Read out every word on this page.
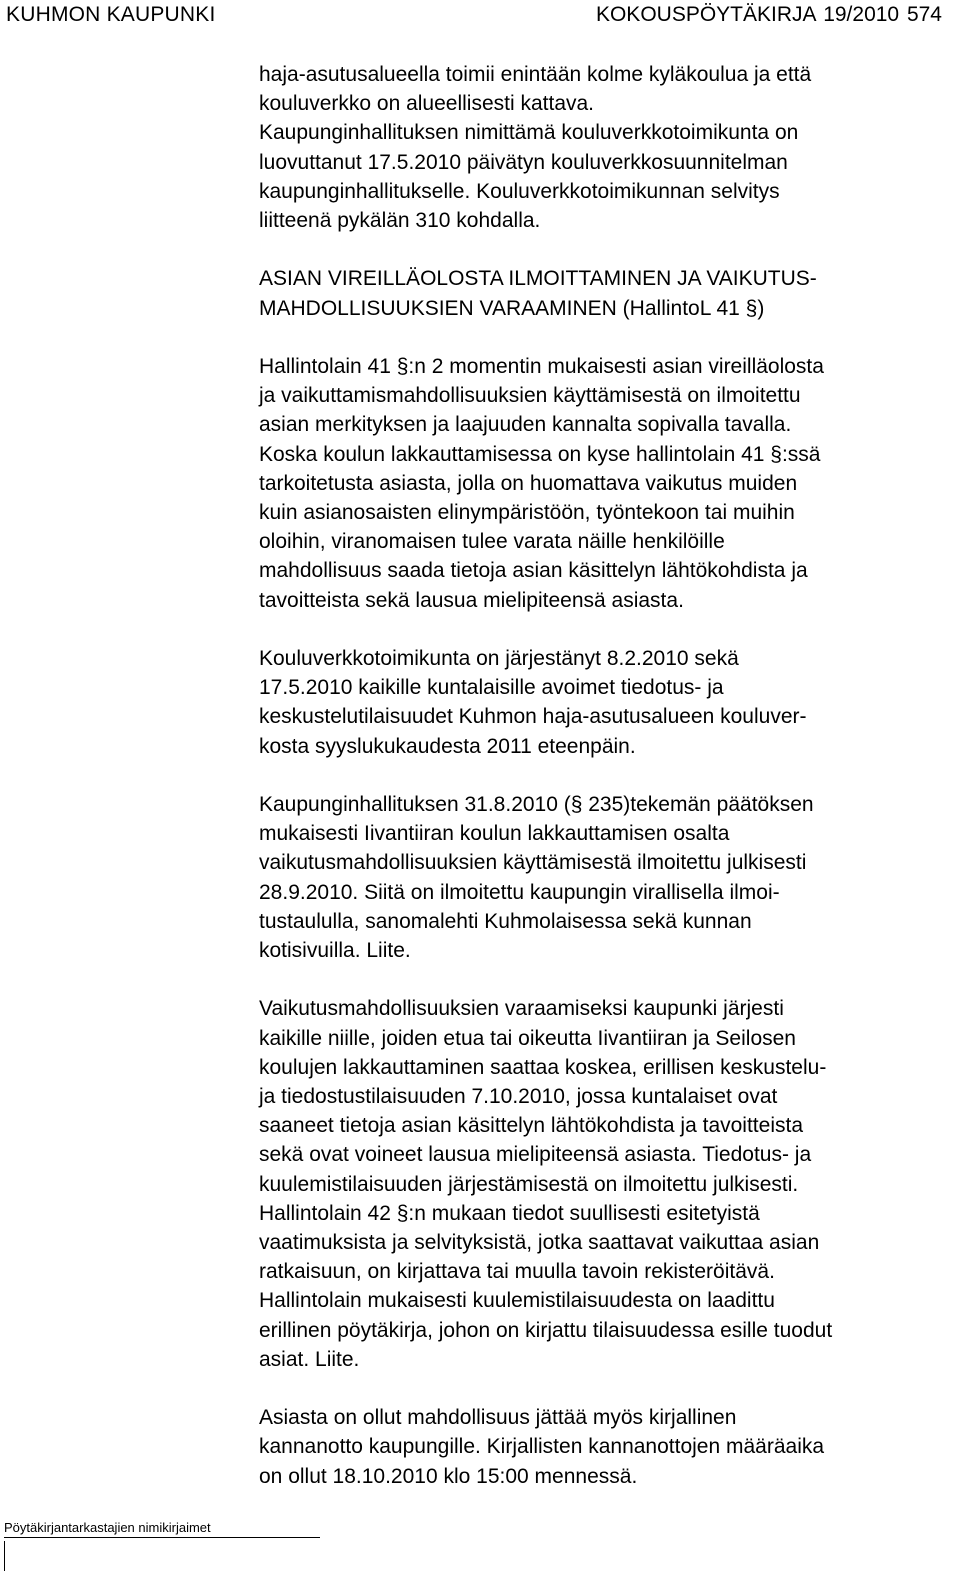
KUHMON KAUPUNKI	KOKOUSPÖYTÄKIRJA 19/2010 574

haja-asutusalueella toimii enintään kolme kyläkoulua ja että

kouluverkko on alueellisesti kattava.

Kaupunginhallituksen nimittämä kouluverkkotoimikunta on

luovuttanut 17.5.2010 päivätyn kouluverkkosuunnitelman

kaupunginhallitukselle. Kouluverkkotoimikunnan selvitys

liitteenä pykälän 310 kohdalla.

ASIAN VIREILLÄOLOSTA ILMOITTAMINEN JA VAIKUTUS-

MAHDOLLISUUKSIEN VARAAMINEN (HallintoL 41 §)

Hallintolain 41 §:n 2 momentin mukaisesti asian vireilläolosta

ja vaikuttamismahdollisuuksien käyttämisestä on ilmoitettu

asian merkityksen ja laajuuden kannalta sopivalla tavalla.

Koska koulun lakkauttamisessa on kyse hallintolain 41 §:ssä

tarkoitetusta asiasta, jolla on huomattava vaikutus muiden

kuin asianosaisten elinympäristöön, työntekoon tai muihin

oloihin, viranomaisen tulee varata näille henkilöille

mahdollisuus saada tietoja asian käsittelyn lähtökohdista ja

tavoitteista sekä lausua mielipiteensä asiasta.

Kouluverkkotoimikunta on järjestänyt 8.2.2010 sekä

17.5.2010 kaikille kuntalaisille avoimet tiedotus- ja

keskustelutilaisuudet Kuhmon haja-asutusalueen kouluver-

kosta syyslukukaudesta 2011 eteenpäin.

Kaupunginhallituksen 31.8.2010 (§ 235)tekemän päätöksen

mukaisesti Iivantiiran koulun lakkauttamisen osalta

vaikutusmahdollisuuksien käyttämisestä ilmoitettu julkisesti

28.9.2010. Siitä on ilmoitettu kaupungin virallisella ilmoi-

tustaululla, sanomalehti Kuhmolaisessa sekä kunnan

kotisivuilla. Liite.

Vaikutusmahdollisuuksien varaamiseksi kaupunki järjesti

kaikille niille, joiden etua tai oikeutta Iivantiiran ja Seilosen

koulujen lakkauttaminen saattaa koskea, erillisen keskustelu-

ja tiedostustilaisuuden 7.10.2010, jossa kuntalaiset ovat

saaneet tietoja asian käsittelyn lähtökohdista ja tavoitteista

sekä ovat voineet lausua mielipiteensä asiasta. Tiedotus- ja

kuulemistilaisuuden järjestämisestä on ilmoitettu julkisesti.

Hallintolain 42 §:n mukaan tiedot suullisesti esitetyistä

vaatimuksista ja selvityksistä, jotka saattavat vaikuttaa asian

ratkaisuun, on kirjattava tai muulla tavoin rekisteröitävä.

Hallintolain mukaisesti kuulemistilaisuudesta on laadittu

erillinen pöytäkirja, johon on kirjattu tilaisuudessa esille tuodut

asiat. Liite.

Asiasta on ollut mahdollisuus jättää myös kirjallinen

kannanotto kaupungille. Kirjallisten kannanottojen määräaika

on ollut 18.10.2010 klo 15:00 mennessä.

Pöytäkirjantarkastajien nimikirjaimet
